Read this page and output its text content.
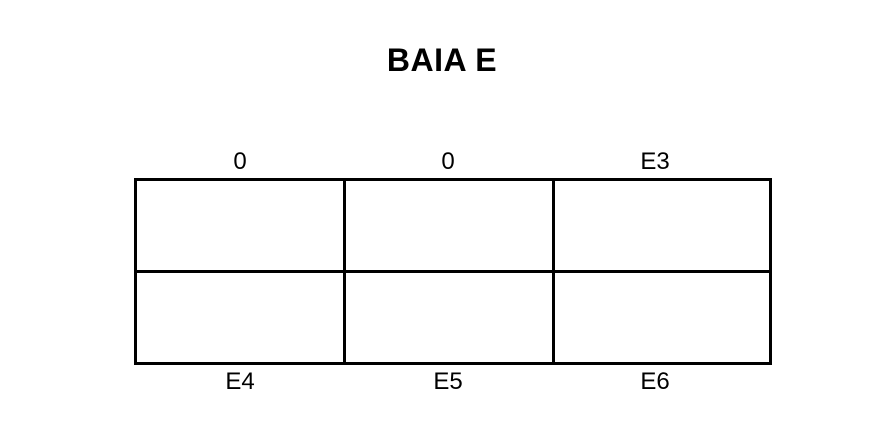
BAIA E
0	0	E3
E4	E5	E6
